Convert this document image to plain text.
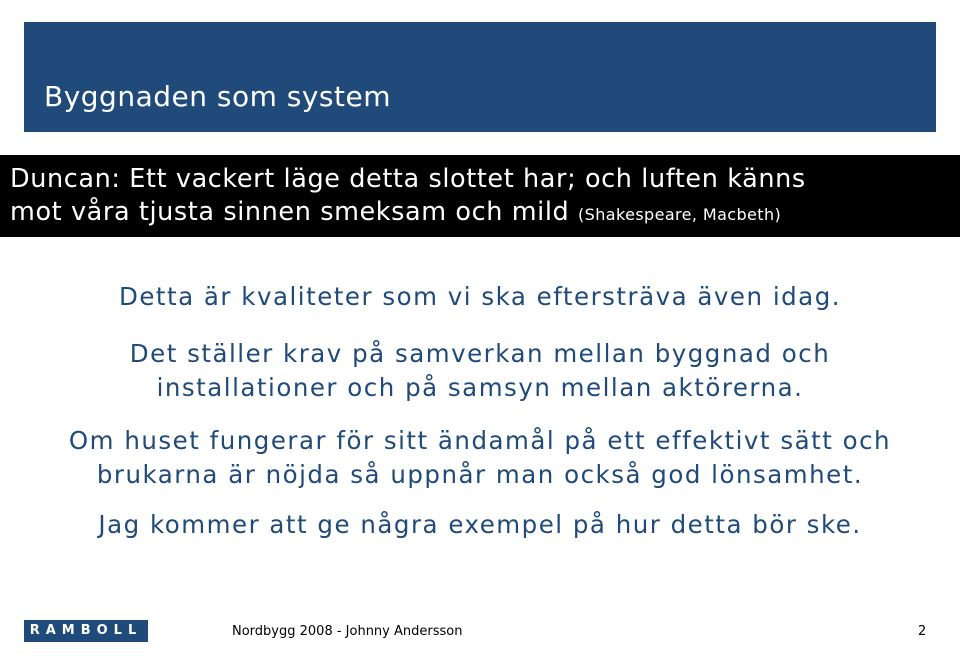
Byggnaden som system
Duncan: Ett vackert läge detta slottet har; och luften känns
mot våra tjusta sinnen smeksam och mild (Shakespeare, Macbeth)
Detta är kvaliteter som vi ska eftersträva även idag.
Det ställer krav på samverkan mellan byggnad och
installationer och på samsyn mellan aktörerna.
Om huset fungerar för sitt ändamål på ett effektivt sätt och
brukarna är nöjda så uppnår man också god lönsamhet.
Jag kommer att ge några exempel på hur detta bör ske.
RAMBOLL	Nordbygg 2008 - Johnny Andersson	2
